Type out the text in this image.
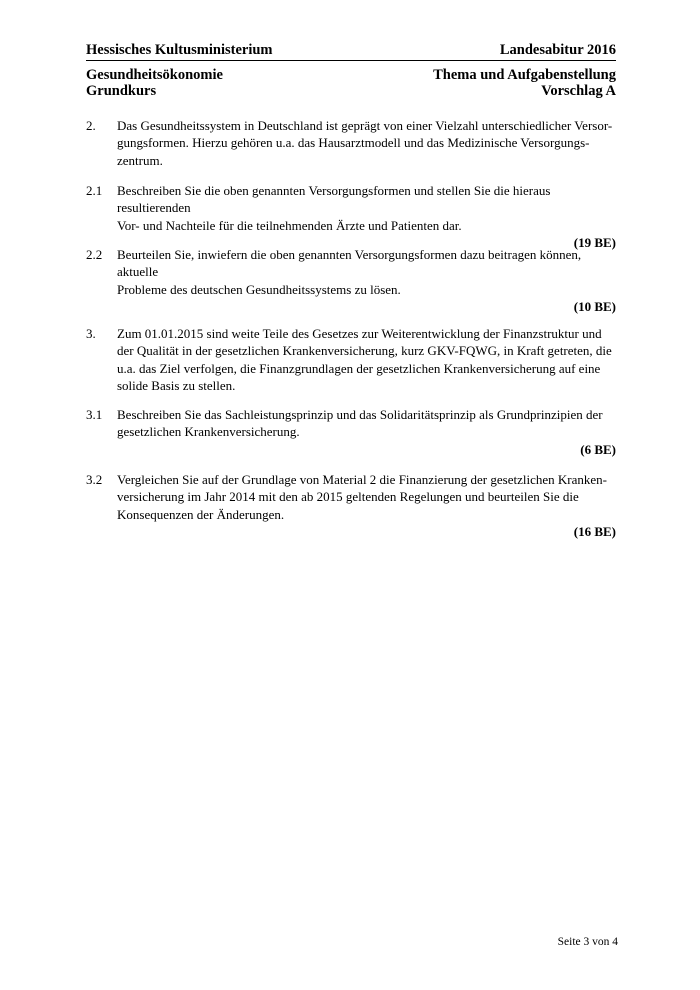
Hessisches Kultusministerium	Landesabitur 2016
Gesundheitsökonomie	Thema und Aufgabenstellung
Grundkurs	Vorschlag A
2.	Das Gesundheitssystem in Deutschland ist geprägt von einer Vielzahl unterschiedlicher Versor-
gungsformen. Hierzu gehören u.a. das Hausarztmodell und das Medizinische Versorgungs-
zentrum.
2.1	Beschreiben Sie die oben genannten Versorgungsformen und stellen Sie die hieraus resultierenden
Vor- und Nachteile für die teilnehmenden Ärzte und Patienten dar.
(19 BE)
2.2	Beurteilen Sie, inwiefern die oben genannten Versorgungsformen dazu beitragen können, aktuelle
Probleme des deutschen Gesundheitssystems zu lösen.
(10 BE)
3.	Zum 01.01.2015 sind weite Teile des Gesetzes zur Weiterentwicklung der Finanzstruktur und
der Qualität in der gesetzlichen Krankenversicherung, kurz GKV-FQWG, in Kraft getreten, die
u.a. das Ziel verfolgen, die Finanzgrundlagen der gesetzlichen Krankenversicherung auf eine
solide Basis zu stellen.
3.1	Beschreiben Sie das Sachleistungsprinzip und das Solidaritätsprinzip als Grundprinzipien der
gesetzlichen Krankenversicherung.
(6 BE)
3.2	Vergleichen Sie auf der Grundlage von Material 2 die Finanzierung der gesetzlichen Kranken-
versicherung im Jahr 2014 mit den ab 2015 geltenden Regelungen und beurteilen Sie die
Konsequenzen der Änderungen.
(16 BE)
Seite 3 von 4
